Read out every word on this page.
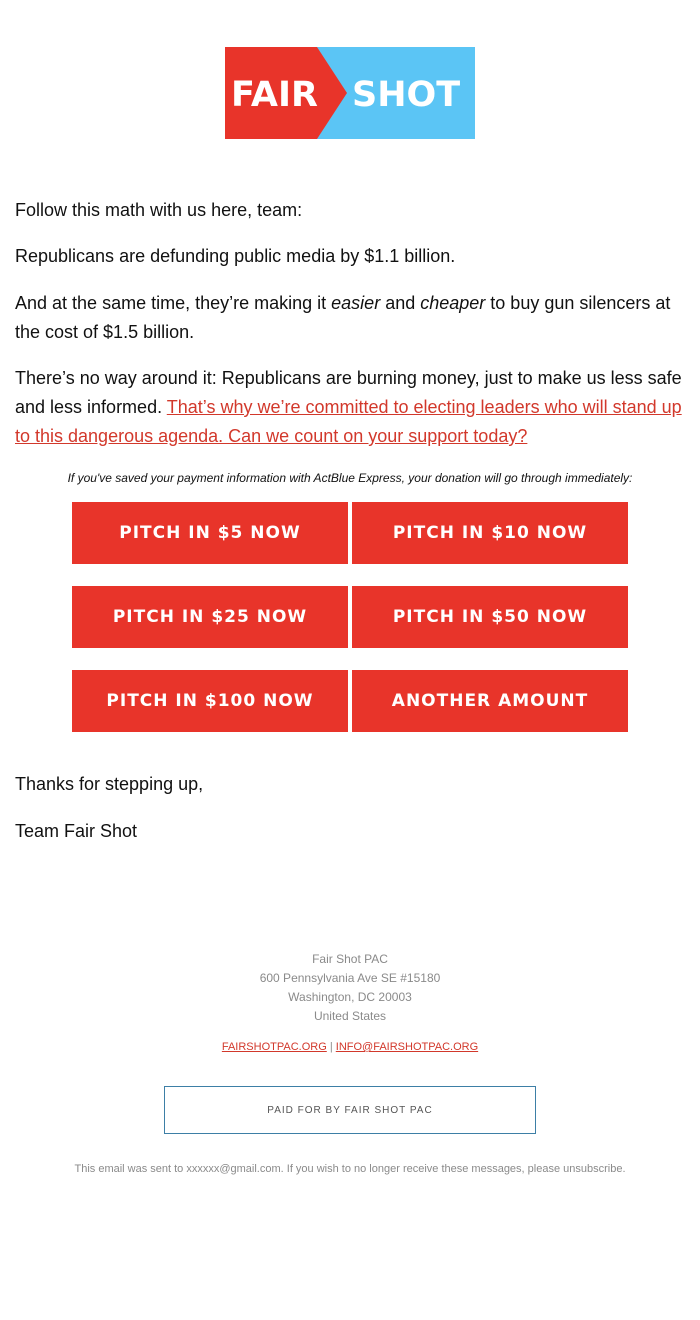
FAIR SHOT

Follow this math with us here, team:

Republicans are defunding public media by $1.1 billion.

And at the same time, they’re making it easier and cheaper to buy gun silencers at the cost of $1.5 billion.

There’s no way around it: Republicans are burning money, just to make us less safe and less informed. That’s why we’re committed to electing leaders who will stand up to this dangerous agenda. Can we count on your support today?

If you've saved your payment information with ActBlue Express, your donation will go through immediately:
PITCH IN $5 NOW	PITCH IN $10 NOW
PITCH IN $25 NOW	PITCH IN $50 NOW
PITCH IN $100 NOW	ANOTHER AMOUNT
Thanks for stepping up,
Team Fair Shot
Fair Shot PAC
600 Pennsylvania Ave SE #15180
Washington, DC 20003
United States
FAIRSHOTPAC.ORG | INFO@FAIRSHOTPAC.ORG
PAID FOR BY FAIR SHOT PAC
This email was sent to xxxxxx@gmail.com. If you wish to no longer receive these messages, please unsubscribe.
